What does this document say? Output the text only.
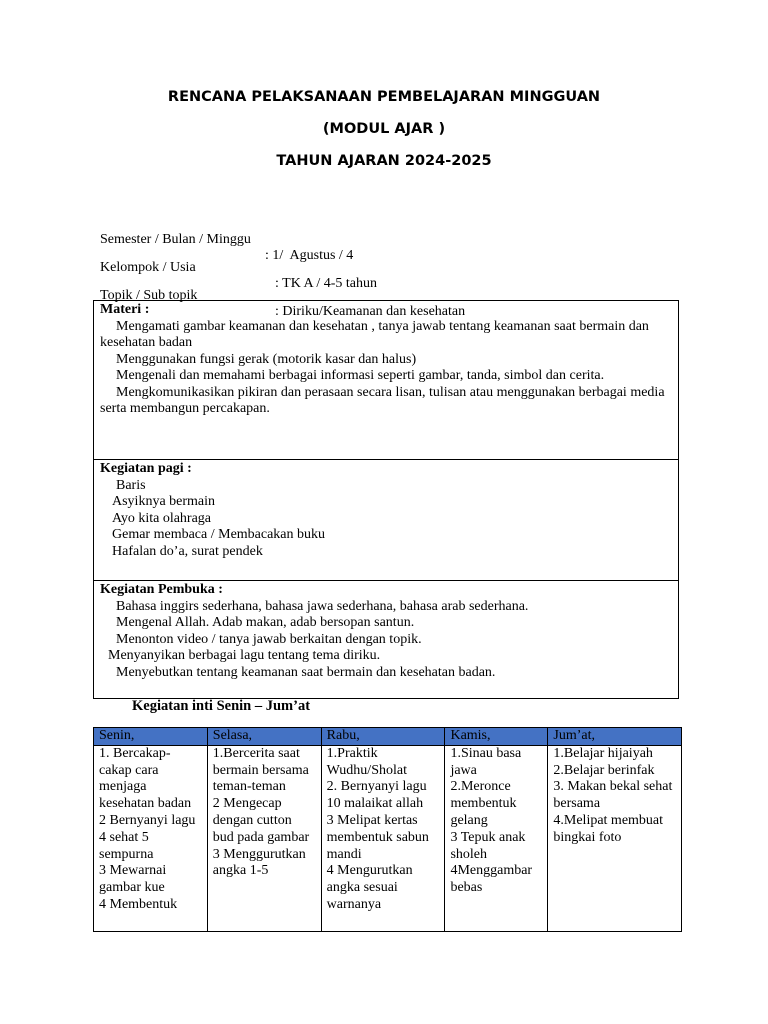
RENCANA PELAKSANAAN PEMBELAJARAN MINGGUAN
(MODUL AJAR )
TAHUN AJARAN 2024-2025

Semester / Bulan / Minggu

: 1/  Agustus / 4

Kelompok / Usia

: TK A / 4-5 tahun

Topik / Sub topik

: Diriku/Keamanan dan kesehatan

Materi :
Mengamati gambar keamanan dan kesehatan , tanya jawab tentang keamanan saat bermain dan kesehatan badan
Menggunakan fungsi gerak (motorik kasar dan halus)
Mengenali dan memahami berbagai informasi seperti gambar, tanda, simbol dan cerita.
Mengkomunikasikan pikiran dan perasaan secara lisan, tulisan atau menggunakan berbagai media serta membangun percakapan.
Kegiatan pagi :
Baris
Asyiknya bermain
Ayo kita olahraga
Gemar membaca / Membacakan buku
Hafalan do’a, surat pendek
Kegiatan Pembuka :
Bahasa inggirs sederhana, bahasa jawa sederhana, bahasa arab sederhana.
Mengenal Allah. Adab makan, adab bersopan santun.
Menonton video / tanya jawab berkaitan dengan topik.
Menyanyikan berbagai lagu tentang tema diriku.
Menyebutkan tentang keamanan saat bermain dan kesehatan badan.
Kegiatan inti Senin – Jum’at
Senin,	Selasa,	Rabu,	Kamis,	Jum’at,

1. Bercakap-cakap cara menjaga kesehatan badan
2 Bernyanyi lagu 4 sehat 5 sempurna
3 Mewarnai gambar kue
4 Membentuk	1.Bercerita saat bermain bersama teman-teman
2 Mengecap dengan cutton bud pada gambar
3 Menggurutkan angka 1-5	1.Praktik Wudhu/Sholat
2. Bernyanyi lagu 10 malaikat allah
3 Melipat kertas membentuk sabun mandi
4 Mengurutkan angka sesuai warnanya	1.Sinau basa jawa
2.Meronce membentuk gelang
3 Tepuk anak sholeh
4Menggambar bebas	1.Belajar hijaiyah
2.Belajar berinfak
3. Makan bekal sehat bersama
4.Melipat membuat bingkai foto
